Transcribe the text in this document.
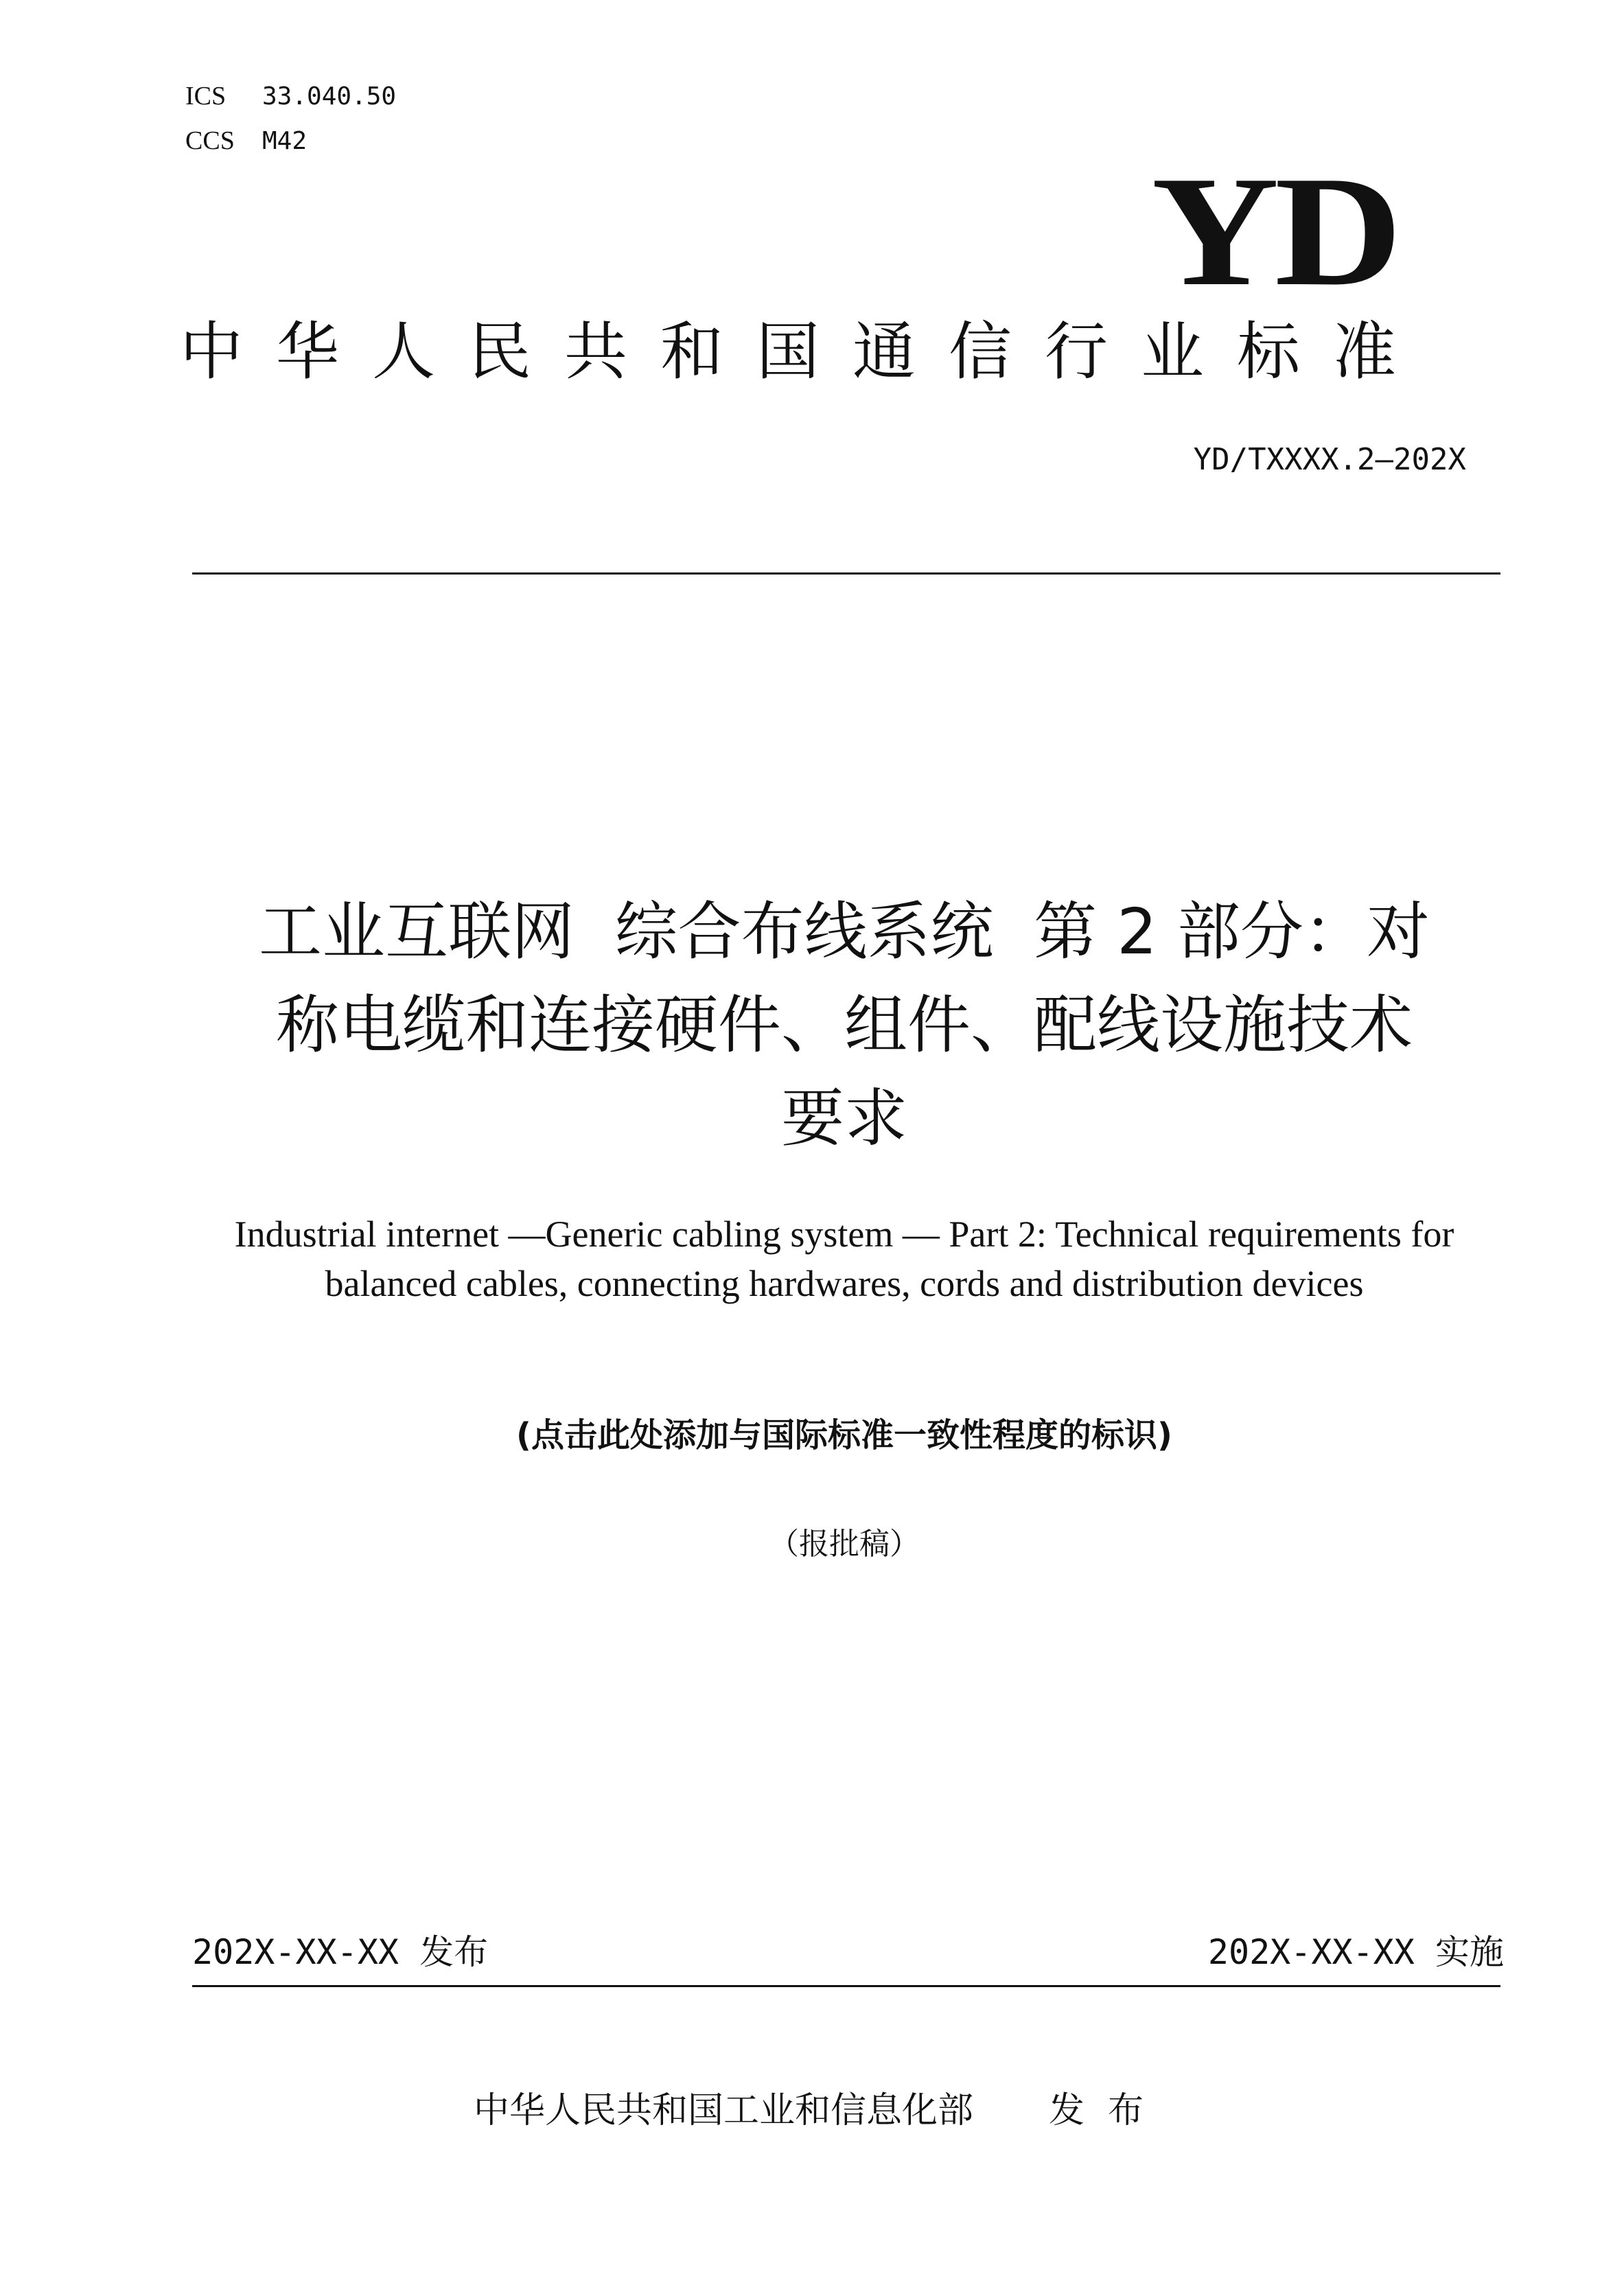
ICS 33.040.50
CCS M42
YD
中华人民共和国通信行业标准
YD/TXXXX.2—202X
工业互联网  综合布线系统  第 2 部分：对
称电缆和连接硬件、组件、配线设施技术
要求
Industrial internet —Generic cabling system — Part 2: Technical requirements for
balanced cables, connecting hardwares, cords and distribution devices
(点击此处添加与国际标准一致性程度的标识)
（报批稿）
202X-XX-XX 发布	202X-XX-XX 实施
中华人民共和国工业和信息化部 发布
